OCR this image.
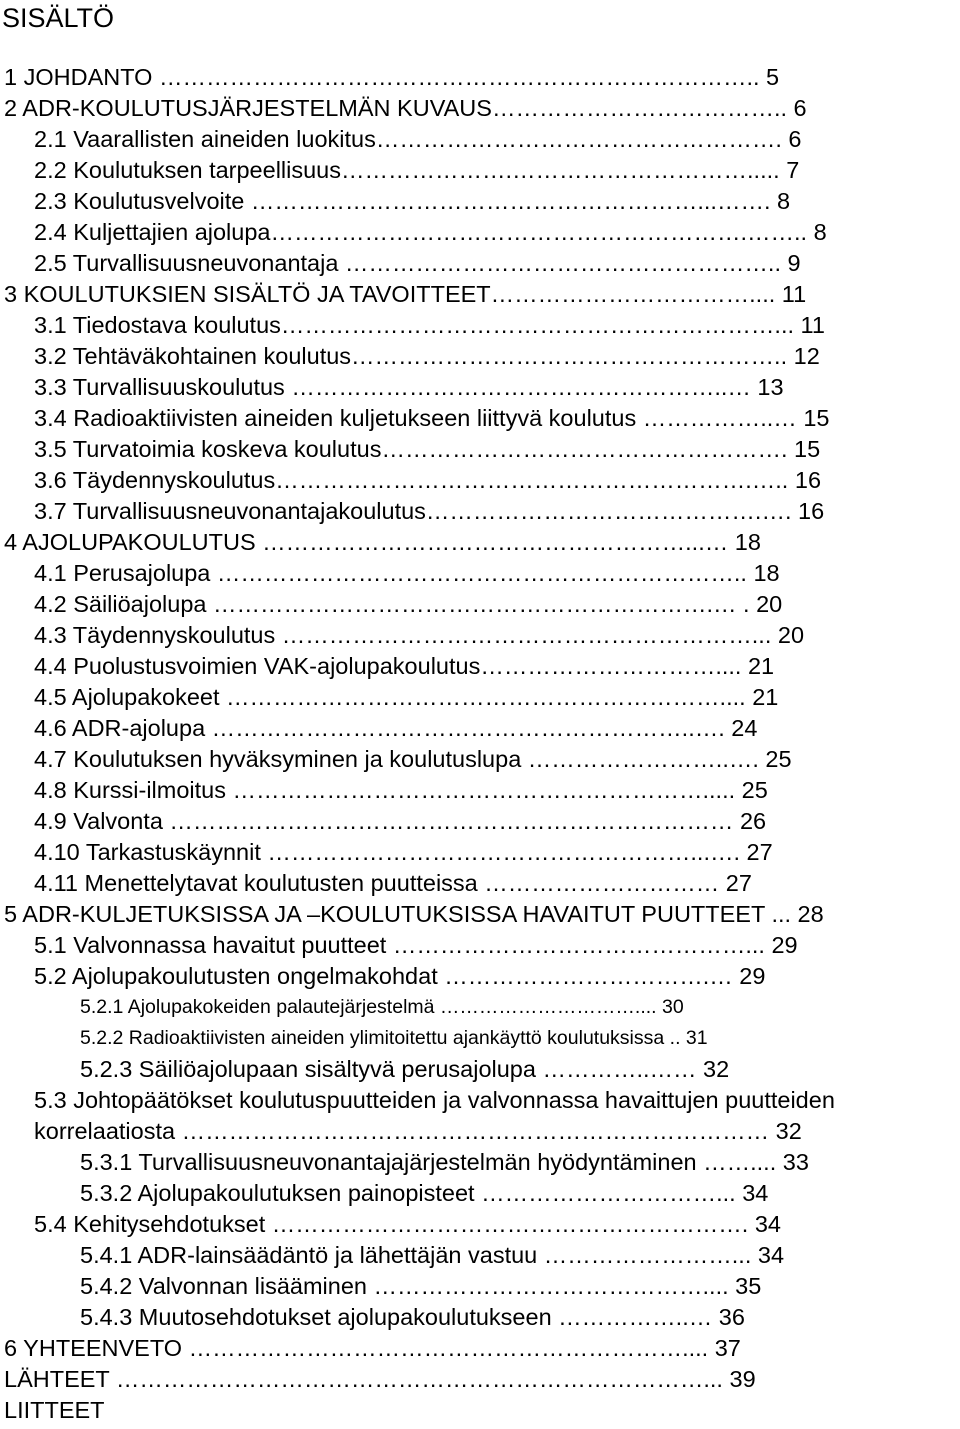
SISÄLTÖ
1 JOHDANTO ………………………………………………………………….. 5
2 ADR-KOULUTUSJÄRJESTELMÄN KUVAUS……………………………….. 6
2.1 Vaarallisten aineiden luokitus……………………………………………. 6
2.2 Koulutuksen tarpeellisuus………………….…………………………..... 7
2.3 Koulutusvelvoite …………………………………………………...……. 8
2.4 Kuljettajien ajolupa…………………………………………………….…….. 8
2.5 Turvallisuusneuvonantaja ……………………………………………….. 9
3 KOULUTUKSIEN SISÄLTÖ JA TAVOITTEET…………………………….... 11
3.1 Tiedostava koulutus………………………………………………………... 11
3.2 Tehtäväkohtainen koulutus……………………………………………….. 12
3.3 Turvallisuuskoulutus ………………………………………………..… 13
3.4 Radioaktiivisten aineiden kuljetukseen liittyvä koulutus ……………..… 15
3.5 Turvatoimia koskeva koulutus……………………………………………. 15
3.6 Täydennyskoulutus…………………………………………………….….. 16
3.7 Turvallisuusneuvonantajakoulutus…………………………………….…. 16
4 AJOLUPAKOULUTUS ………………………………………………...… 18
4.1 Perusajolupa ………………………………………………………….. 18
4.2 Säiliöajolupa ……………………………………………………….… . 20
4.3 Täydennyskoulutus ……………………………………………………... 20
4.4 Puolustusvoimien VAK-ajolupakoulutus………………………….... 21
4.5 Ajolupakokeet ……………………………………………………….... 21
4.6 ADR-ajolupa ……………………………………………………..…. 24
4.7 Koulutuksen hyväksyminen ja koulutuslupa ……………………..…. 25
4.8 Kurssi-ilmoitus ……………………………………………………..... 25
4.9 Valvonta ……………………………………………………………… 26
4.10 Tarkastuskäynnit ………………………………………………...…. 27
4.11 Menettelytavat koulutusten puutteissa ………………………… 27
5 ADR-KULJETUKSISSA JA –KOULUTUKSISSA HAVAITUT PUUTTEET ... 28
5.1 Valvonnassa havaitut puutteet ………………………………………... 29
5.2 Ajolupakoulutusten ongelmakohdat …………………………….… 29
5.2.1 Ajolupakokeiden palautejärjestelmä ………………………….... 30
5.2.2 Radioaktiivisten aineiden ylimitoitettu ajankäyttö koulutuksissa .. 31
5.2.3 Säiliöajolupaan sisältyvä perusajolupa …………..…… 32
5.3 Johtopäätökset koulutuspuutteiden ja valvonnassa havaittujen puutteiden korrelaatiosta ………………………………………………………………… 32
5.3.1 Turvallisuusneuvonantajajärjestelmän hyödyntäminen …….... 33
5.3.2 Ajolupakoulutuksen painopisteet …………………………... 34
5.4 Kehitysehdotukset ……………………………………………………. 34
5.4.1 ADR-lainsäädäntö ja lähettäjän vastuu ……………………... 34
5.4.2 Valvonnan lisääminen …………………………………….... 35
5.4.3 Muutosehdotukset ajolupakoulutukseen ……………..… 36
6 YHTEENVETO ……………………………………………………….... 37
LÄHTEET …………………………………………………………………... 39
LIITTEET
